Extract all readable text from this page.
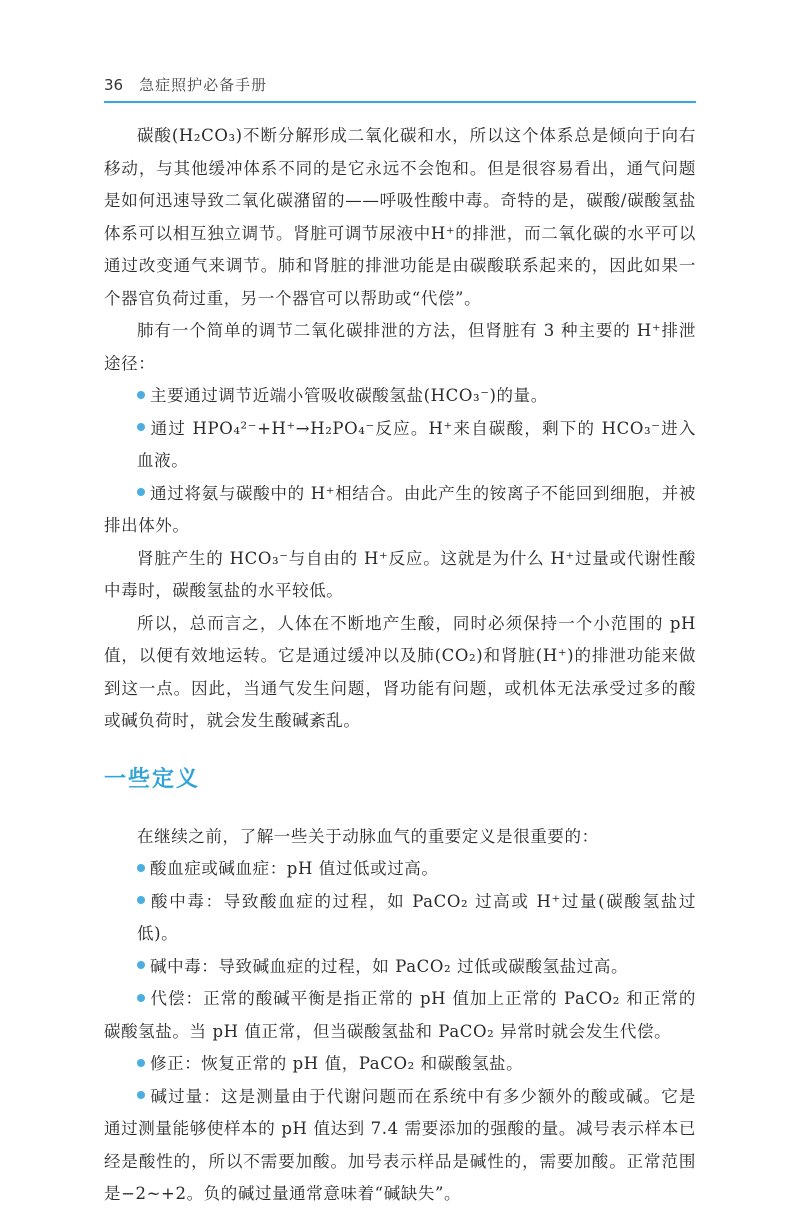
36 急症照护必备手册

碳酸(H₂CO₃)不断分解形成二氧化碳和水，所以这个体系总是倾向于向右移动，与其他缓冲体系不同的是它永远不会饱和。但是很容易看出，通气问题是如何迅速导致二氧化碳潴留的——呼吸性酸中毒。奇特的是，碳酸/碳酸氢盐体系可以相互独立调节。肾脏可调节尿液中H⁺的排泄，而二氧化碳的水平可以通过改变通气来调节。肺和肾脏的排泄功能是由碳酸联系起来的，因此如果一个器官负荷过重，另一个器官可以帮助或“代偿”。

肺有一个简单的调节二氧化碳排泄的方法，但肾脏有 3 种主要的 H⁺排泄途径：

主要通过调节近端小管吸收碳酸氢盐(HCO₃⁻)的量。

通过 HPO₄²⁻+H⁺→H₂PO₄⁻反应。H⁺来自碳酸，剩下的 HCO₃⁻进入血液。

通过将氨与碳酸中的 H⁺相结合。由此产生的铵离子不能回到细胞，并被排出体外。

肾脏产生的 HCO₃⁻与自由的 H⁺反应。这就是为什么 H⁺过量或代谢性酸中毒时，碳酸氢盐的水平较低。

所以，总而言之，人体在不断地产生酸，同时必须保持一个小范围的 pH 值，以便有效地运转。它是通过缓冲以及肺(CO₂)和肾脏(H⁺)的排泄功能来做到这一点。因此，当通气发生问题，肾功能有问题，或机体无法承受过多的酸或碱负荷时，就会发生酸碱紊乱。

一些定义

在继续之前，了解一些关于动脉血气的重要定义是很重要的：

酸血症或碱血症：pH 值过低或过高。

酸中毒：导致酸血症的过程，如 PaCO₂ 过高或 H⁺过量(碳酸氢盐过低)。

碱中毒：导致碱血症的过程，如 PaCO₂ 过低或碳酸氢盐过高。

代偿：正常的酸碱平衡是指正常的 pH 值加上正常的 PaCO₂ 和正常的碳酸氢盐。当 pH 值正常，但当碳酸氢盐和 PaCO₂ 异常时就会发生代偿。

修正：恢复正常的 pH 值，PaCO₂ 和碳酸氢盐。

碱过量：这是测量由于代谢问题而在系统中有多少额外的酸或碱。它是通过测量能够使样本的 pH 值达到 7.4 需要添加的强酸的量。减号表示样本已经是酸性的，所以不需要加酸。加号表示样品是碱性的，需要加酸。正常范围是−2~+2。负的碱过量通常意味着“碱缺失”。
